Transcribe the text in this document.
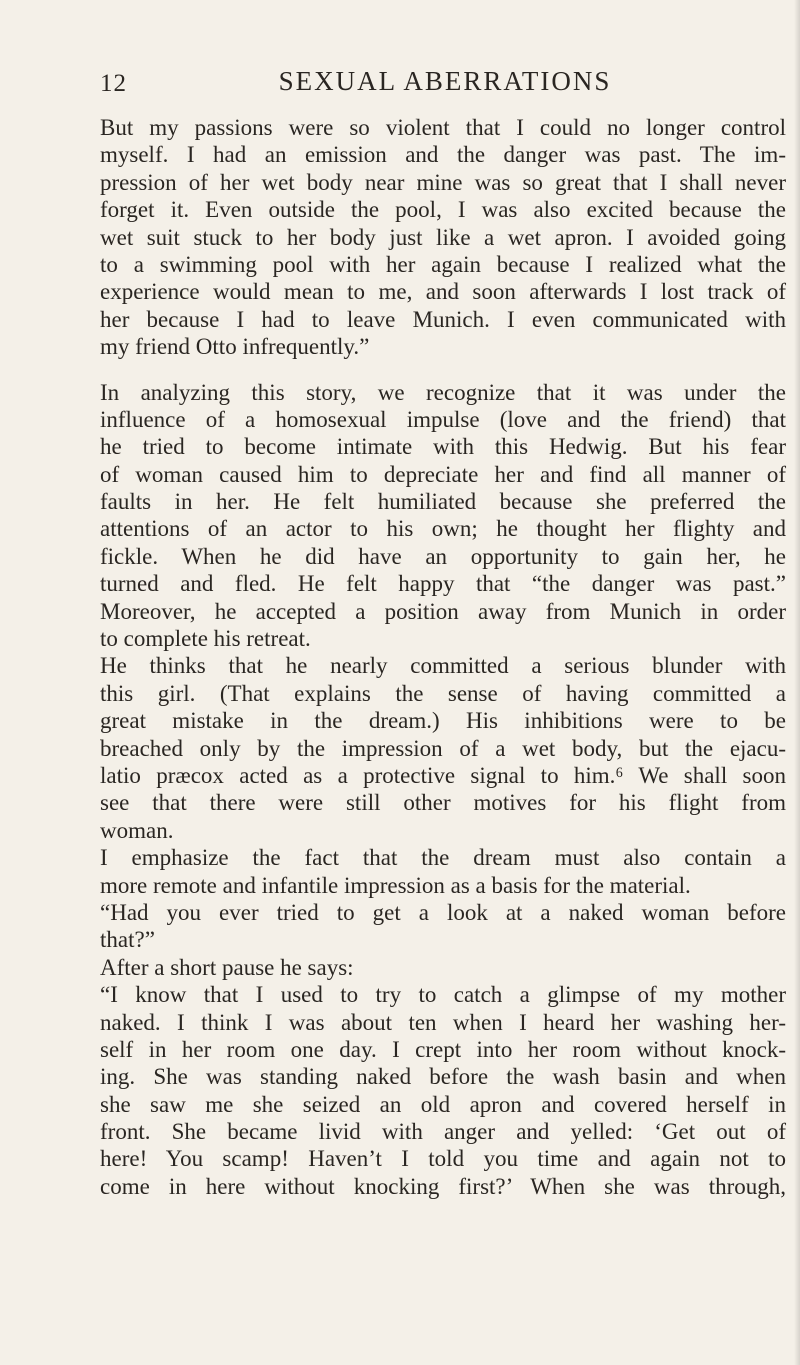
12	SEXUAL ABERRATIONS
But my passions were so violent that I could no longer control
myself. I had an emission and the danger was past. The im-
pression of her wet body near mine was so great that I shall never
forget it. Even outside the pool, I was also excited because the
wet suit stuck to her body just like a wet apron. I avoided going
to a swimming pool with her again because I realized what the
experience would mean to me, and soon afterwards I lost track of
her because I had to leave Munich. I even communicated with
my friend Otto infrequently.”
In analyzing this story, we recognize that it was under the
influence of a homosexual impulse (love and the friend) that
he tried to become intimate with this Hedwig. But his fear
of woman caused him to depreciate her and find all manner of
faults in her. He felt humiliated because she preferred the
attentions of an actor to his own; he thought her flighty and
fickle. When he did have an opportunity to gain her, he
turned and fled. He felt happy that “the danger was past.”
Moreover, he accepted a position away from Munich in order
to complete his retreat.
He thinks that he nearly committed a serious blunder with
this girl. (That explains the sense of having committed a
great mistake in the dream.) His inhibitions were to be
breached only by the impression of a wet body, but the ejacu-
latio præcox acted as a protective signal to him.⁶ We shall soon
see that there were still other motives for his flight from
woman.
I emphasize the fact that the dream must also contain a
more remote and infantile impression as a basis for the material.
“Had you ever tried to get a look at a naked woman before
that?”
After a short pause he says:
“I know that I used to try to catch a glimpse of my mother
naked. I think I was about ten when I heard her washing her-
self in her room one day. I crept into her room without knock-
ing. She was standing naked before the wash basin and when
she saw me she seized an old apron and covered herself in
front. She became livid with anger and yelled: ‘Get out of
here! You scamp! Haven’t I told you time and again not to
come in here without knocking first?’ When she was through,
